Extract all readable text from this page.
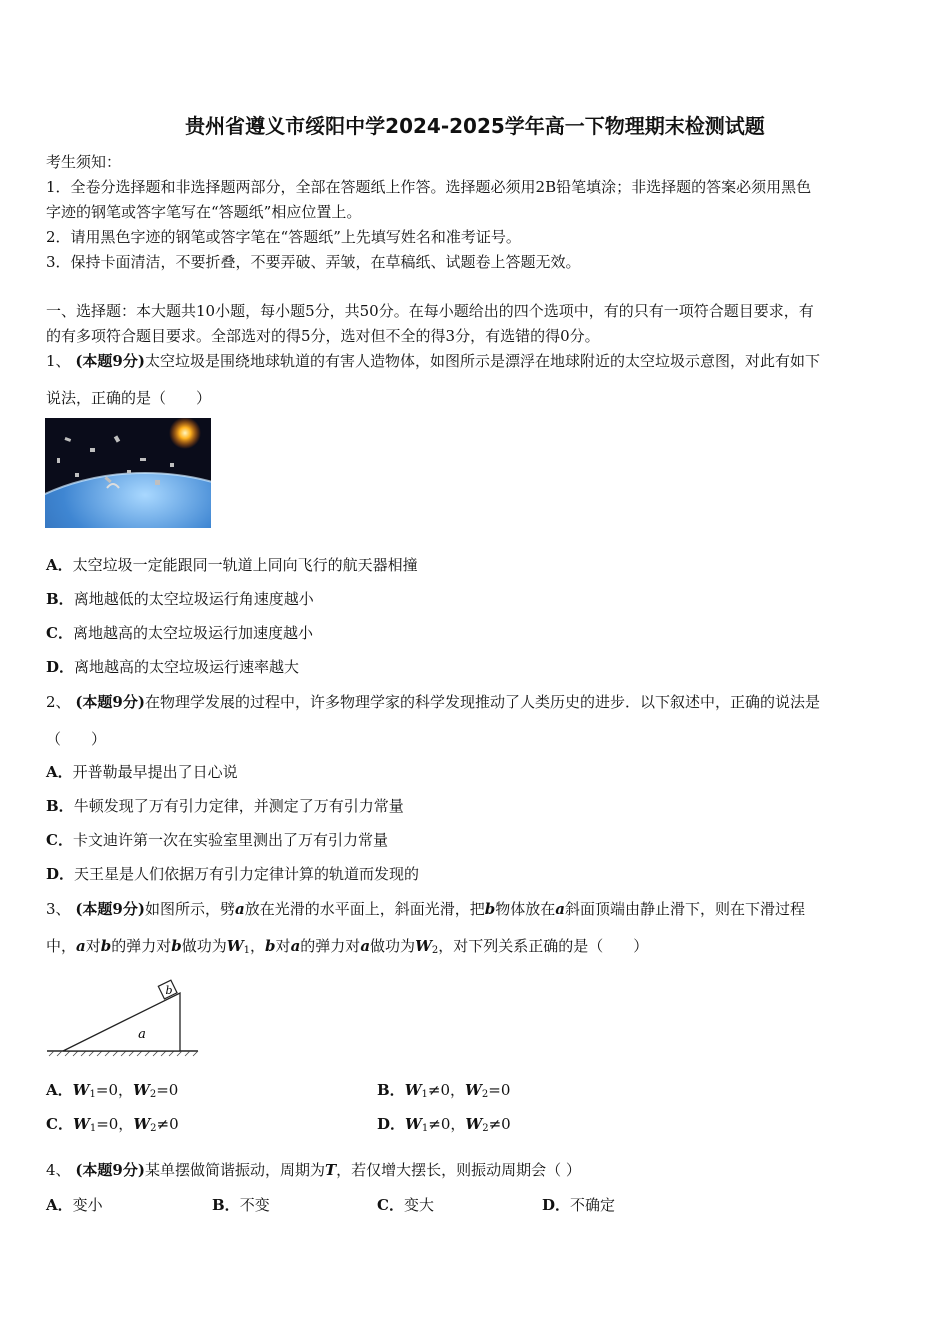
贵州省遵义市绥阳中学2024-2025学年高一下物理期末检测试题
考生须知：
1．全卷分选择题和非选择题两部分，全部在答题纸上作答。选择题必须用2B铅笔填涂；非选择题的答案必须用黑色
字迹的钢笔或答字笔写在“答题纸”相应位置上。
2．请用黑色字迹的钢笔或答字笔在“答题纸”上先填写姓名和准考证号。
3．保持卡面清洁，不要折叠，不要弄破、弄皱，在草稿纸、试题卷上答题无效。
一、选择题：本大题共10小题，每小题5分，共50分。在每小题给出的四个选项中，有的只有一项符合题目要求，有
的有多项符合题目要求。全部选对的得5分，选对但不全的得3分，有选错的得0分。
1、 (本题9分)太空垃圾是围绕地球轨道的有害人造物体，如图所示是漂浮在地球附近的太空垃圾示意图，对此有如下
说法，正确的是（　　）
A．太空垃圾一定能跟同一轨道上同向飞行的航天器相撞
B．离地越低的太空垃圾运行角速度越小
C．离地越高的太空垃圾运行加速度越小
D．离地越高的太空垃圾运行速率越大
2、 (本题9分)在物理学发展的过程中，许多物理学家的科学发现推动了人类历史的进步．以下叙述中，正确的说法是
（　　）
A．开普勒最早提出了日心说
B．牛顿发现了万有引力定律，并测定了万有引力常量
C．卡文迪许第一次在实验室里测出了万有引力常量
D．天王星是人们依据万有引力定律计算的轨道而发现的
3、 (本题9分)如图所示，劈a放在光滑的水平面上，斜面光滑，把b物体放在a斜面顶端由静止滑下，则在下滑过程
中，a对b的弹力对b做功为$W_1$，b对a的弹力对a做功为$W_2$，对下列关系正确的是（　　）
b
a
A．$W_1=0$，$W_2=0$	B．$W_1\ne 0$，$W_2=0$
C．$W_1=0$，$W_2\ne 0$	D．$W_1\ne 0$，$W_2\ne 0$
4、 (本题9分)某单摆做简谐振动，周期为T，若仅增大摆长，则振动周期会（ ）
A．变小	B．不变	C．变大	D．不确定
